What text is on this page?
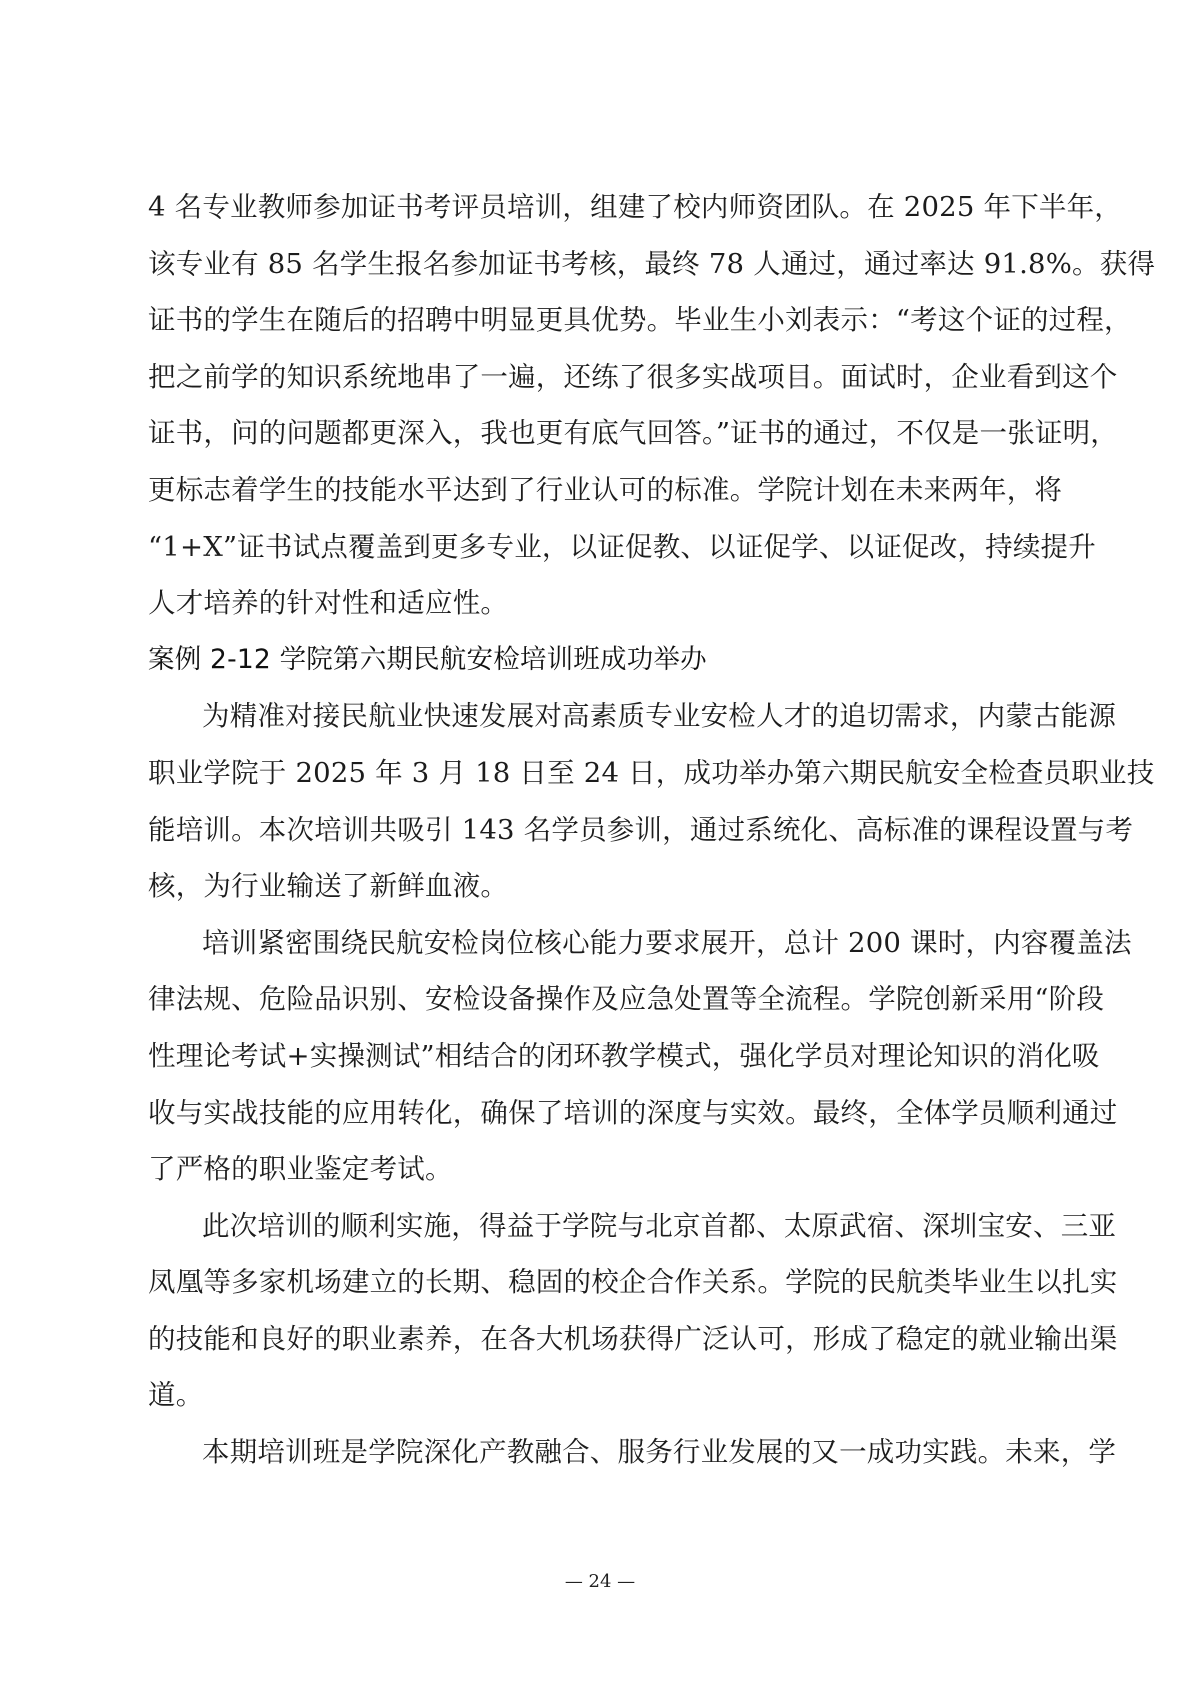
4 名专业教师参加证书考评员培训，组建了校内师资团队。在 2025 年下半年，
该专业有 85 名学生报名参加证书考核，最终 78 人通过，通过率达 91.8%。获得
证书的学生在随后的招聘中明显更具优势。毕业生小刘表示：“考这个证的过程，
把之前学的知识系统地串了一遍，还练了很多实战项目。面试时，企业看到这个
证书，问的问题都更深入，我也更有底气回答。”证书的通过，不仅是一张证明，
更标志着学生的技能水平达到了行业认可的标准。学院计划在未来两年，将
“1+X”证书试点覆盖到更多专业，以证促教、以证促学、以证促改，持续提升
人才培养的针对性和适应性。
案例 2-12 学院第六期民航安检培训班成功举办
为精准对接民航业快速发展对高素质专业安检人才的追切需求，内蒙古能源
职业学院于 2025 年 3 月 18 日至 24 日，成功举办第六期民航安全检查员职业技
能培训。本次培训共吸引 143 名学员参训，通过系统化、高标准的课程设置与考
核，为行业输送了新鲜血液。
培训紧密围绕民航安检岗位核心能力要求展开，总计 200 课时，内容覆盖法
律法规、危险品识别、安检设备操作及应急处置等全流程。学院创新采用“阶段
性理论考试+实操测试”相结合的闭环教学模式，强化学员对理论知识的消化吸
收与实战技能的应用转化，确保了培训的深度与实效。最终，全体学员顺利通过
了严格的职业鉴定考试。
此次培训的顺利实施，得益于学院与北京首都、太原武宿、深圳宝安、三亚
凤凰等多家机场建立的长期、稳固的校企合作关系。学院的民航类毕业生以扎实
的技能和良好的职业素养，在各大机场获得广泛认可，形成了稳定的就业输出渠
道。
本期培训班是学院深化产教融合、服务行业发展的又一成功实践。未来，学
— 24 —
